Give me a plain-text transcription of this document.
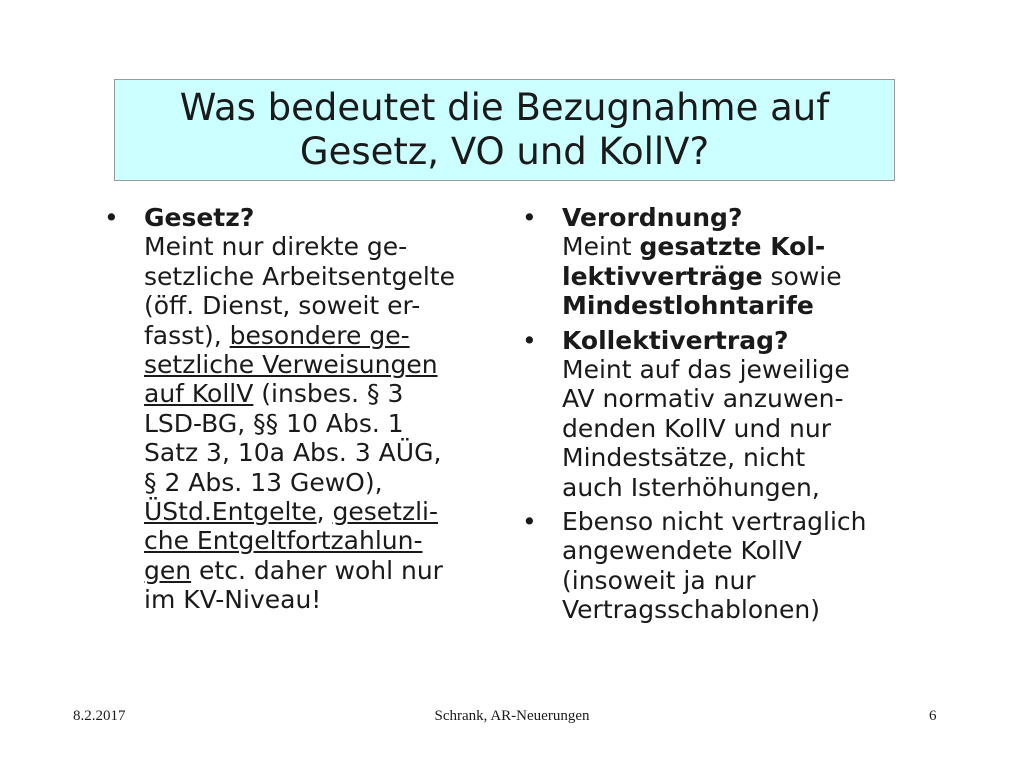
Was bedeutet die Bezugnahme auf
Gesetz, VO und KollV?
• Gesetz?
Meint nur direkte ge-
setzliche Arbeitsentgelte
(öff. Dienst, soweit er-
fasst), besondere ge-
setzliche Verweisungen
auf KollV (insbes. § 3
LSD-BG, §§ 10 Abs. 1
Satz 3, 10a Abs. 3 AÜG,
§ 2 Abs. 13 GewO),
ÜStd.Entgelte, gesetzli-
che Entgeltfortzahlun-
gen etc. daher wohl nur
im KV-Niveau!
• Verordnung?
Meint gesatzte Kol-
lektivverträge sowie
Mindestlohntarife
• Kollektivertrag?
Meint auf das jeweilige
AV normativ anzuwen-
denden KollV und nur
Mindestsätze, nicht
auch Isterhöhungen,
• Ebenso nicht vertraglich
angewendete KollV
(insoweit ja nur
Vertragsschablonen)
8.2.2017	Schrank, AR-Neuerungen	6
